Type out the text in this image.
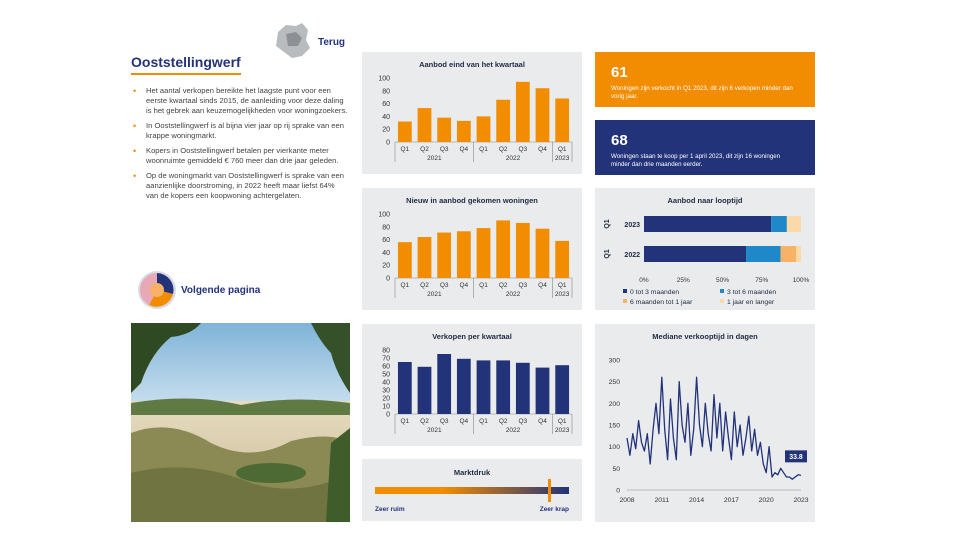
Terug
Ooststellingwerf
• Het aantal verkopen bereikte het laagste punt voor een eerste kwartaal sinds 2015, de aanleiding voor deze daling is het gebrek aan keuzemogelijkheden voor woningzoekers.
• In Ooststellingwerf is al bijna vier jaar op rij sprake van een krappe woningmarkt.
• Kopers in Ooststellingwerf betalen per vierkante meter woonruimte gemiddeld € 760 meer dan drie jaar geleden.
• Op de woningmarkt van Ooststellingwerf is sprake van een aanzienlijke doorstroming, in 2022 heeft maar liefst 64% van de kopers een koopwoning achtergelaten.
Volgende pagina
Aanbod eind van het kwartaal
0
20
40
60
80
100
Q1 Q2 Q3 Q4 Q1 Q2 Q3 Q4 Q1
2021	2022	2023
Nieuw in aanbod gekomen woningen
0
20
40
60
80
100
Q1 Q2 Q3 Q4 Q1 Q2 Q3 Q4 Q1
2021	2022	2023
Verkopen per kwartaal
0
10
20
30
40
50
60
70
80
Q1 Q2 Q3 Q4 Q1 Q2 Q3 Q4 Q1
2021	2022	2023
Marktdruk
Zeer ruim	Zeer krap
61
Woningen zijn verkocht in Q1 2023, dit zijn 6 verkopen minder dan vorig jaar.
68
Woningen staan te koop per 1 april 2023, dit zijn 16 woningen minder dan drie maanden eerder.
Aanbod naar looptijd
2023
Q1
2022
Q1
0%	25%	50%	75%	100%
0 tot 3 maanden	3 tot 6 maanden
6 maanden tot 1 jaar	1 jaar en langer
Mediane verkooptijd in dagen
0
50
100
150
200
250
300
2008	2011	2014	2017	2020	2023
33.8
